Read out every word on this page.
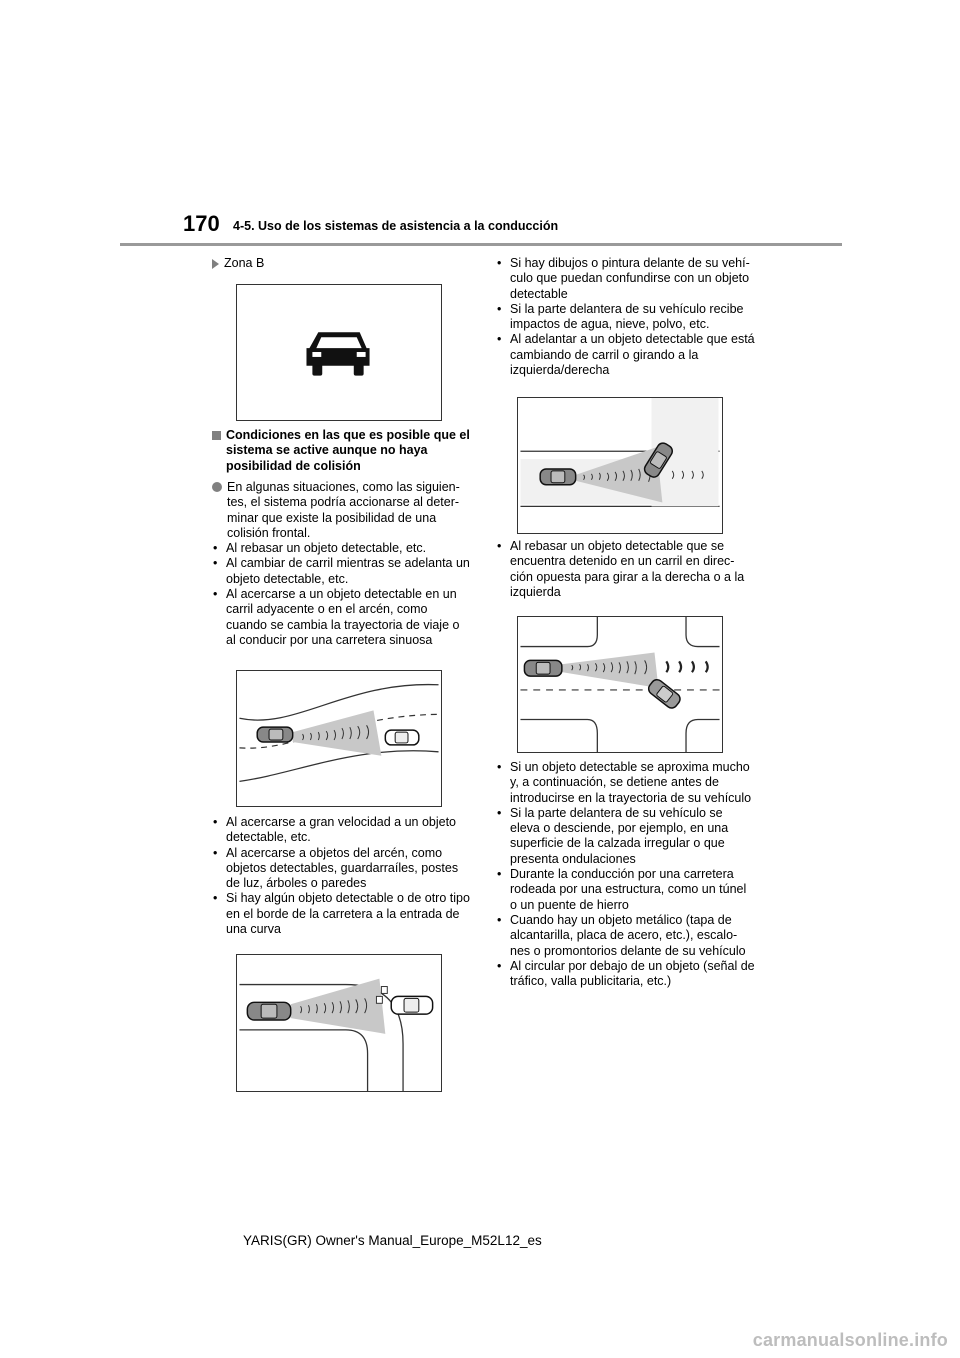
170 4-5. Uso de los sistemas de asistencia a la conducción
Zona B
Condiciones en las que es posible que el sistema se active aunque no haya posibilidad de colisión
En algunas situaciones, como las siguien-tes, el sistema podría accionarse al deter-minar que existe la posibilidad de una colisión frontal.
• Al rebasar un objeto detectable, etc.
• Al cambiar de carril mientras se adelanta un objeto detectable, etc.
• Al acercarse a un objeto detectable en un carril adyacente o en el arcén, como cuando se cambia la trayectoria de viaje o al conducir por una carretera sinuosa
• Al acercarse a gran velocidad a un objeto detectable, etc.
• Al acercarse a objetos del arcén, como objetos detectables, guardarraíles, postes de luz, árboles o paredes
• Si hay algún objeto detectable o de otro tipo en el borde de la carretera a la entrada de una curva
• Si hay dibujos o pintura delante de su vehí-culo que puedan confundirse con un objeto detectable
• Si la parte delantera de su vehículo recibe impactos de agua, nieve, polvo, etc.
• Al adelantar a un objeto detectable que está cambiando de carril o girando a la izquierda/derecha
• Al rebasar un objeto detectable que se encuentra detenido en un carril en direc-ción opuesta para girar a la derecha o a la izquierda
• Si un objeto detectable se aproxima mucho y, a continuación, se detiene antes de introducirse en la trayectoria de su vehículo
• Si la parte delantera de su vehículo se eleva o desciende, por ejemplo, en una superficie de la calzada irregular o que presenta ondulaciones
• Durante la conducción por una carretera rodeada por una estructura, como un túnel o un puente de hierro
• Cuando hay un objeto metálico (tapa de alcantarilla, placa de acero, etc.), escalo-nes o promontorios delante de su vehículo
• Al circular por debajo de un objeto (señal de tráfico, valla publicitaria, etc.)
YARIS(GR) Owner's Manual_Europe_M52L12_es
carmanualsonline.info
